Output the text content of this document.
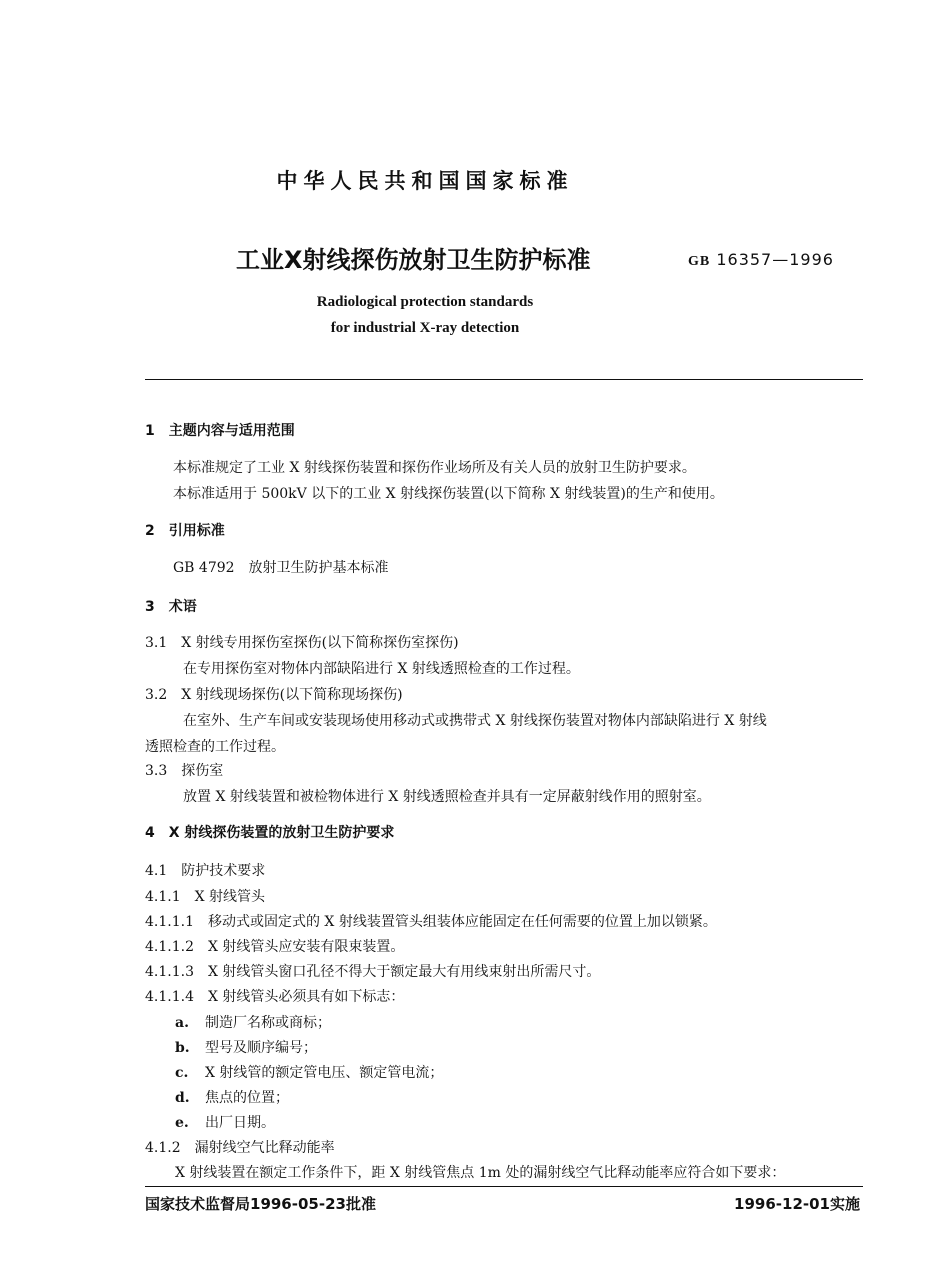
中华人民共和国国家标准
工业X射线探伤放射卫生防护标准	GB 16357—1996
Radiological protection standards
for industrial X-ray detection
1　主题内容与适用范围
本标准规定了工业 X 射线探伤装置和探伤作业场所及有关人员的放射卫生防护要求。
本标准适用于 500kV 以下的工业 X 射线探伤装置(以下简称 X 射线装置)的生产和使用。
2　引用标准
GB 4792　放射卫生防护基本标准
3　术语
3.1　X 射线专用探伤室探伤(以下简称探伤室探伤)
在专用探伤室对物体内部缺陷进行 X 射线透照检查的工作过程。
3.2　X 射线现场探伤(以下简称现场探伤)
在室外、生产车间或安装现场使用移动式或携带式 X 射线探伤装置对物体内部缺陷进行 X 射线
透照检查的工作过程。
3.3　探伤室
放置 X 射线装置和被检物体进行 X 射线透照检查并具有一定屏蔽射线作用的照射室。
4　X 射线探伤装置的放射卫生防护要求
4.1　防护技术要求
4.1.1　X 射线管头
4.1.1.1　移动式或固定式的 X 射线装置管头组装体应能固定在任何需要的位置上加以锁紧。
4.1.1.2　X 射线管头应安装有限束装置。
4.1.1.3　X 射线管头窗口孔径不得大于额定最大有用线束射出所需尺寸。
4.1.1.4　X 射线管头必须具有如下标志：
a. 制造厂名称或商标；
b. 型号及顺序编号；
c. X 射线管的额定管电压、额定管电流；
d. 焦点的位置；
e. 出厂日期。
4.1.2　漏射线空气比释动能率
X 射线装置在额定工作条件下，距 X 射线管焦点 1m 处的漏射线空气比释动能率应符合如下要求：
国家技术监督局1996-05-23批准	1996-12-01实施
